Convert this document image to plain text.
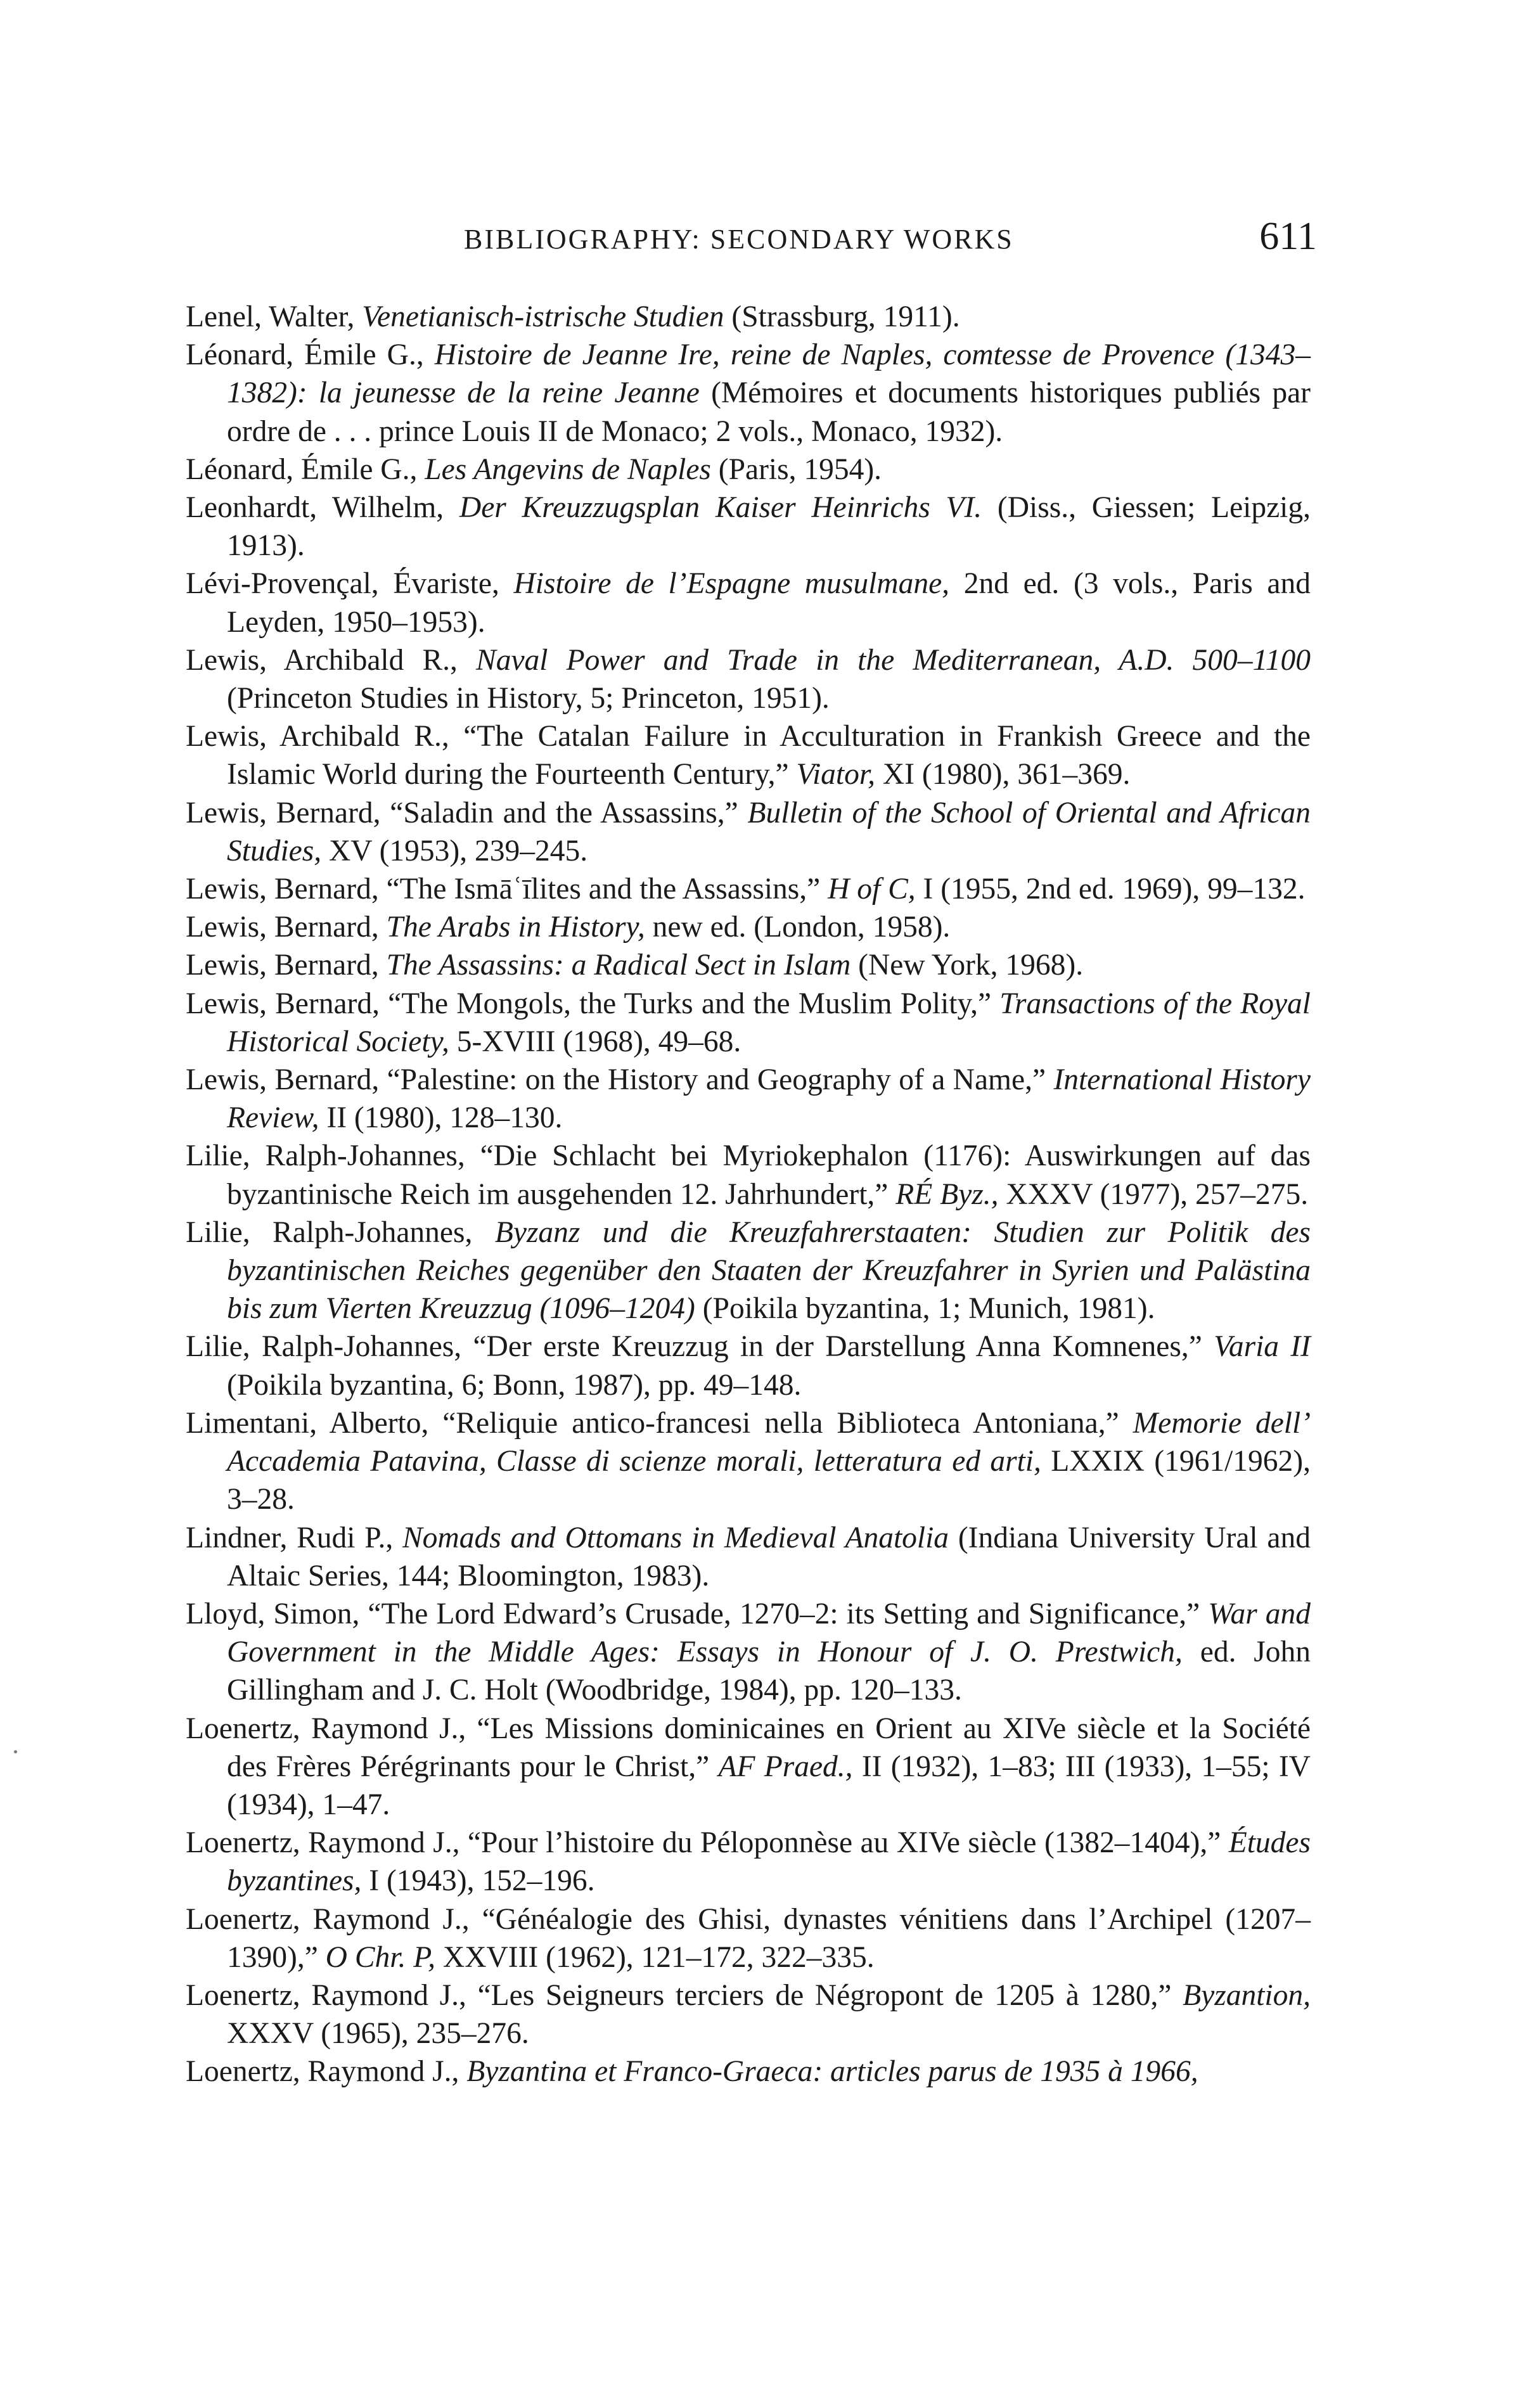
BIBLIOGRAPHY: SECONDARY WORKS	611
Lenel, Walter, Venetianisch-istrische Studien (Strassburg, 1911).
Léonard, Émile G., Histoire de Jeanne Ire, reine de Naples, comtesse de Provence (1343–1382): la jeunesse de la reine Jeanne (Mémoires et documents historiques publiés par ordre de . . . prince Louis II de Monaco; 2 vols., Monaco, 1932).
Léonard, Émile G., Les Angevins de Naples (Paris, 1954).
Leonhardt, Wilhelm, Der Kreuzzugsplan Kaiser Heinrichs VI. (Diss., Giessen; Leipzig, 1913).
Lévi-Provençal, Évariste, Histoire de l’Espagne musulmane, 2nd ed. (3 vols., Paris and Leyden, 1950–1953).
Lewis, Archibald R., Naval Power and Trade in the Mediterranean, A.D. 500–1100 (Princeton Studies in History, 5; Princeton, 1951).
Lewis, Archibald R., “The Catalan Failure in Acculturation in Frankish Greece and the Islamic World during the Fourteenth Century,” Viator, XI (1980), 361–369.
Lewis, Bernard, “Saladin and the Assassins,” Bulletin of the School of Oriental and African Studies, XV (1953), 239–245.
Lewis, Bernard, “The Ismāʿīlites and the Assassins,” H of C, I (1955, 2nd ed. 1969), 99–132.
Lewis, Bernard, The Arabs in History, new ed. (London, 1958).
Lewis, Bernard, The Assassins: a Radical Sect in Islam (New York, 1968).
Lewis, Bernard, “The Mongols, the Turks and the Muslim Polity,” Transactions of the Royal Historical Society, 5-XVIII (1968), 49–68.
Lewis, Bernard, “Palestine: on the History and Geography of a Name,” International History Review, II (1980), 128–130.
Lilie, Ralph-Johannes, “Die Schlacht bei Myriokephalon (1176): Auswirkungen auf das byzantinische Reich im ausgehenden 12. Jahrhundert,” RÉ Byz., XXXV (1977), 257–275.
Lilie, Ralph-Johannes, Byzanz und die Kreuzfahrerstaaten: Studien zur Politik des byzantinischen Reiches gegenüber den Staaten der Kreuzfahrer in Syrien und Palästina bis zum Vierten Kreuzzug (1096–1204) (Poikila byzantina, 1; Munich, 1981).
Lilie, Ralph-Johannes, “Der erste Kreuzzug in der Darstellung Anna Komnenes,” Varia II (Poikila byzantina, 6; Bonn, 1987), pp. 49–148.
Limentani, Alberto, “Reliquie antico-francesi nella Biblioteca Antoniana,” Memorie dell’ Accademia Patavina, Classe di scienze morali, letteratura ed arti, LXXIX (1961/1962), 3–28.
Lindner, Rudi P., Nomads and Ottomans in Medieval Anatolia (Indiana University Ural and Altaic Series, 144; Bloomington, 1983).
Lloyd, Simon, “The Lord Edward’s Crusade, 1270–2: its Setting and Significance,” War and Government in the Middle Ages: Essays in Honour of J. O. Prestwich, ed. John Gillingham and J. C. Holt (Woodbridge, 1984), pp. 120–133.
Loenertz, Raymond J., “Les Missions dominicaines en Orient au XIVe siècle et la Société des Frères Pérégrinants pour le Christ,” AF Praed., II (1932), 1–83; III (1933), 1–55; IV (1934), 1–47.
Loenertz, Raymond J., “Pour l’histoire du Péloponnèse au XIVe siècle (1382–1404),” Études byzantines, I (1943), 152–196.
Loenertz, Raymond J., “Généalogie des Ghisi, dynastes vénitiens dans l’Archipel (1207–1390),” O Chr. P, XXVIII (1962), 121–172, 322–335.
Loenertz, Raymond J., “Les Seigneurs terciers de Négropont de 1205 à 1280,” Byzantion, XXXV (1965), 235–276.
Loenertz, Raymond J., Byzantina et Franco-Graeca: articles parus de 1935 à 1966,
